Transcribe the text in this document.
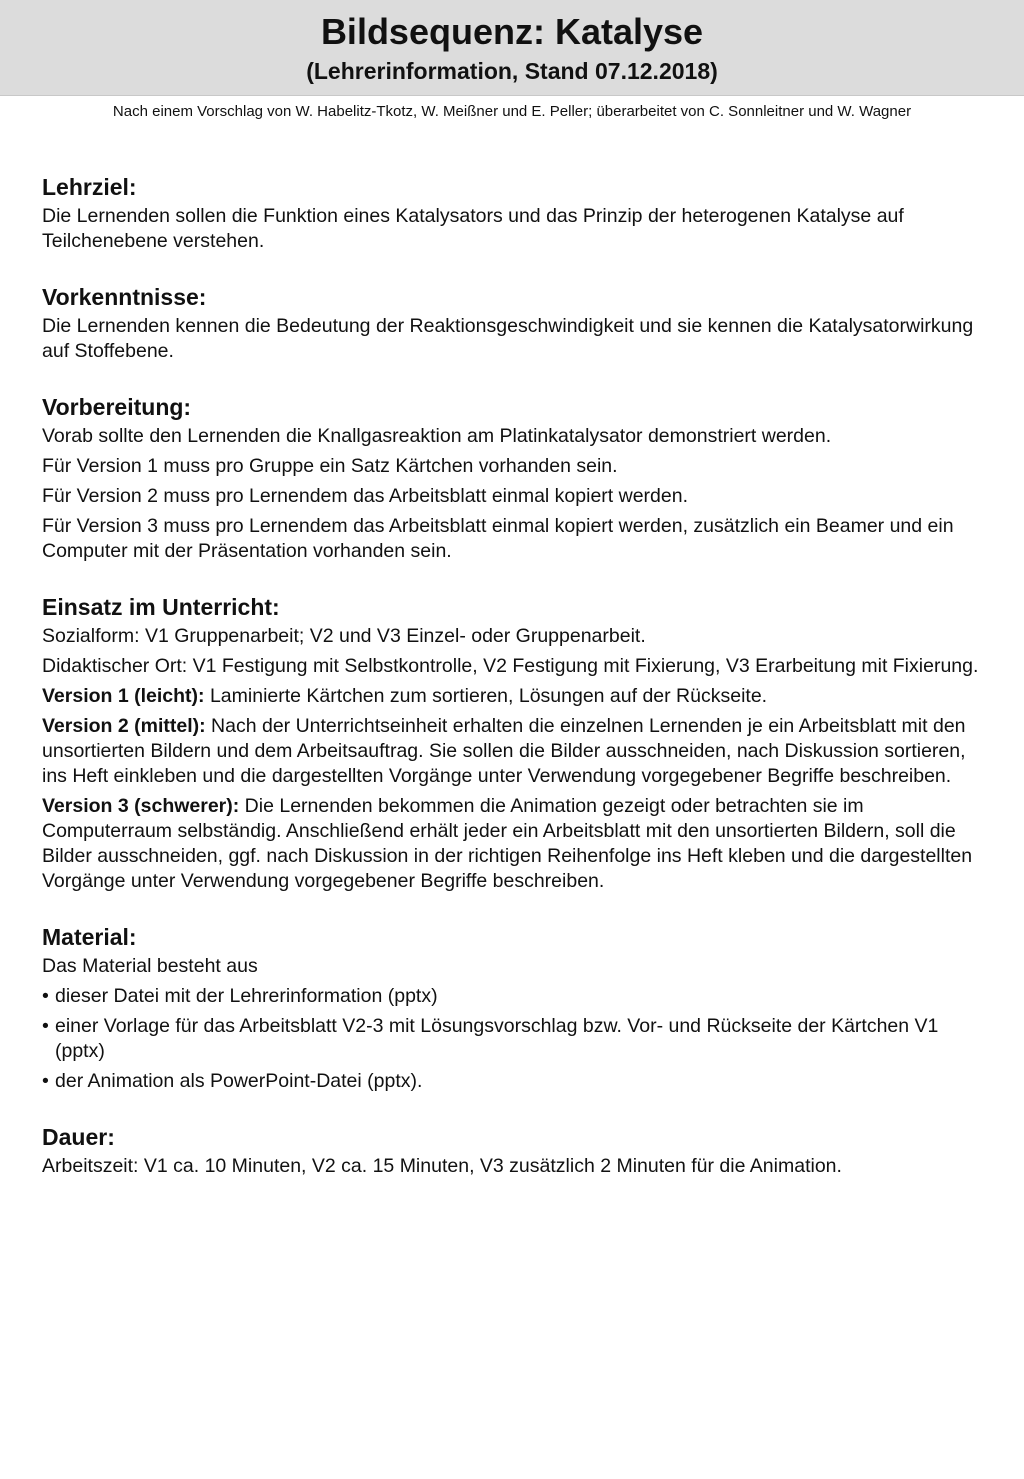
Bildsequenz: Katalyse
(Lehrerinformation, Stand 07.12.2018)

Nach einem Vorschlag von W. Habelitz-Tkotz, W. Meißner und E. Peller; überarbeitet von C. Sonnleitner und W. Wagner

Lehrziel:

Die Lernenden sollen die Funktion eines Katalysators und das Prinzip der heterogenen Katalyse auf Teilchenebene verstehen.

Vorkenntnisse:

Die Lernenden kennen die Bedeutung der Reaktionsgeschwindigkeit und sie kennen die Katalysatorwirkung auf Stoffebene.

Vorbereitung:

Vorab sollte den Lernenden die Knallgasreaktion am Platinkatalysator demonstriert werden.

Für Version 1 muss pro Gruppe ein Satz Kärtchen vorhanden sein.

Für Version 2 muss pro Lernendem das Arbeitsblatt einmal kopiert werden.

Für Version 3 muss pro Lernendem das Arbeitsblatt einmal kopiert werden, zusätzlich ein Beamer und ein Computer mit der Präsentation vorhanden sein.

Einsatz im Unterricht:

Sozialform: V1 Gruppenarbeit; V2 und V3 Einzel- oder Gruppenarbeit.

Didaktischer Ort: V1 Festigung mit Selbstkontrolle, V2 Festigung mit Fixierung, V3 Erarbeitung mit Fixierung.

Version 1 (leicht): Laminierte Kärtchen zum sortieren, Lösungen auf der Rückseite.

Version 2 (mittel): Nach der Unterrichtseinheit erhalten die einzelnen Lernenden je ein Arbeitsblatt mit den unsortierten Bildern und dem Arbeitsauftrag. Sie sollen die Bilder ausschneiden, nach Diskussion sortieren, ins Heft einkleben und die dargestellten Vorgänge unter Verwendung vorgegebener Begriffe beschreiben.

Version 3 (schwerer): Die Lernenden bekommen die Animation gezeigt oder betrachten sie im Computerraum selbständig. Anschließend erhält jeder ein Arbeitsblatt mit den unsortierten Bildern, soll die Bilder ausschneiden, ggf. nach Diskussion in der richtigen Reihenfolge ins Heft kleben und die dargestellten Vorgänge unter Verwendung vorgegebener Begriffe beschreiben.

Material:

Das Material besteht aus

• dieser Datei mit der Lehrerinformation (pptx)

• einer Vorlage für das Arbeitsblatt V2-3 mit Lösungsvorschlag bzw. Vor- und Rückseite der Kärtchen V1 (pptx)

• der Animation als PowerPoint-Datei (pptx).

Dauer:

Arbeitszeit: V1 ca. 10 Minuten, V2 ca. 15 Minuten, V3 zusätzlich 2 Minuten für die Animation.
